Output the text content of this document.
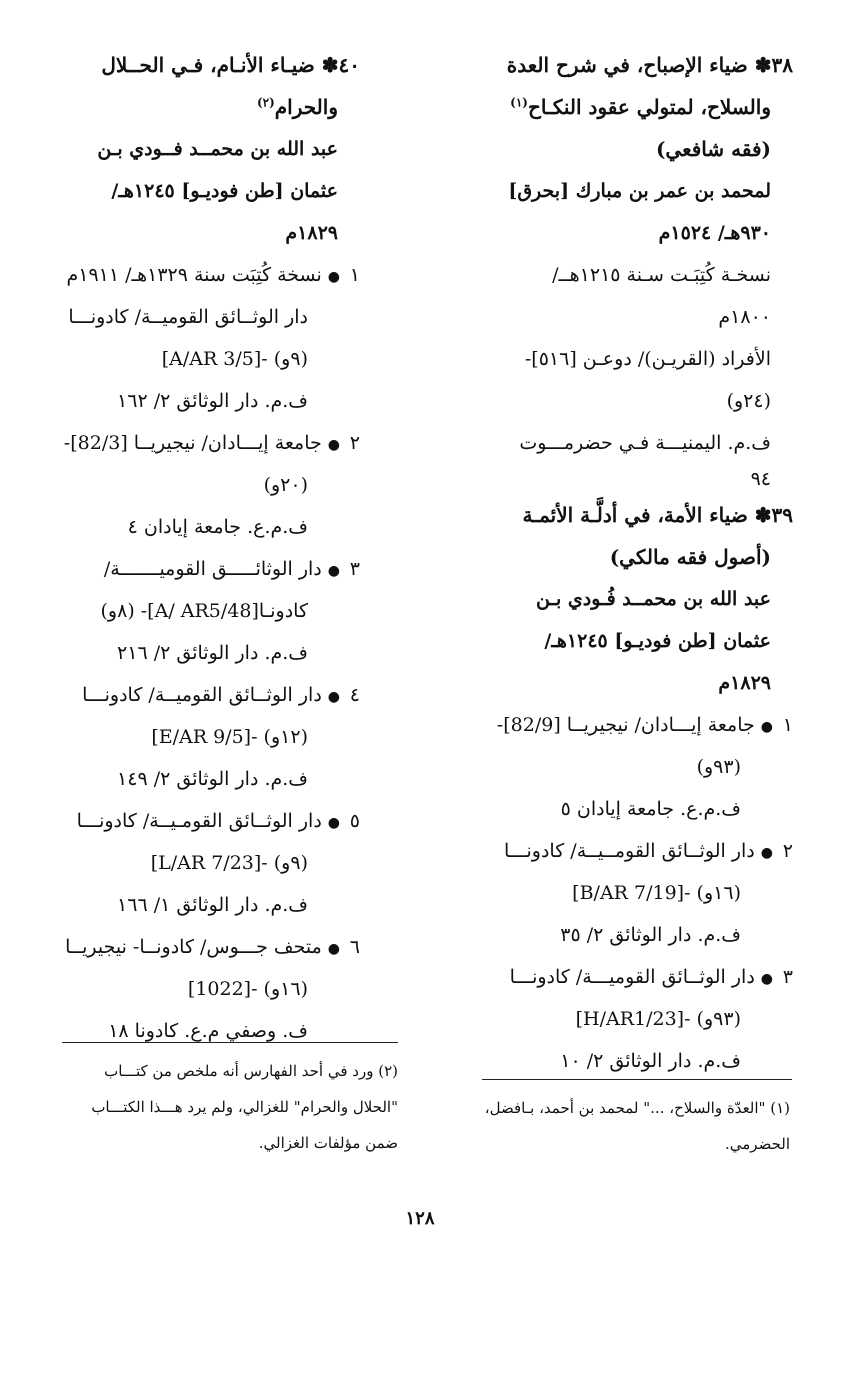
٣٨✽ ضياء الإصباح، في شرح العدة
والسلاح، لمتولي عقود النكـاح$^{(١)}$
(فقه شافعي)
لمحمد بن عمر بن مبارك [بحرق]
٩٣٠هـ/ ١٥٢٤م
نسخـة كُتِبَـت سـنة ١٢١٥هــ/
١٨٠٠م
الأفراد (القريـن)/ دوعـن [٥١٦]-
(٢٤و)
ف.م. اليمنيـــة فـي حضرمـــوت
٩٤
٣٩✽ ضياء الأمة، في أدلَّـة الأئمـة
(أصول فقه مالكي)
عبد الله بن محمــد فُـودي بـن
عثمان [طن فوديـو] ١٢٤٥هـ/
١٨٢٩م
١●جامعة إيـــادان/ نيجيريــا [82/9]-
(٩٣و)
ف.م.ع. جامعة إيادان ٥
٢●دار الوثــائق القومــيــة/ كادونـــا
[B/AR 7/19]- (١٦و)
ف.م. دار الوثائق ٢/ ٣٥
٣●دار الوثــائق القوميـــة/ كادونـــا
[H/AR1/23]- (٩٣و)
ف.م. دار الوثائق ٢/ ١٠
٤٠✽ ضيـاء الأنـام، فـي الحــلال
والحرام$^{(٢)}$
عبد الله بن محمــد فــودي بـن
عثمان [طن فوديـو] ١٢٤٥هـ/
١٨٢٩م
١●نسخة كُتِبَت سنة ١٣٢٩هـ/ ١٩١١م
دار الوثــائق القوميــة/ كادونـــا
[A/AR 3/5]- (٩و)
ف.م. دار الوثائق ٢/ ١٦٢
٢●جامعة إيـــادان/ نيجيريــا [82/3]-
(٢٠و)
ف.م.ع. جامعة إيادان ٤
٣●دار الوثائـــــق القوميـــــــة/
كادونـا[A/ AR5/48]- (٨و)
ف.م. دار الوثائق ٢/ ٢١٦
٤●دار الوثــائق القوميــة/ كادونـــا
[E/AR 9/5]- (١٢و)
ف.م. دار الوثائق ٢/ ١٤٩
٥●دار الوثــائق القومـيــة/ كادونـــا
[L/AR 7/23]- (٩و)
ف.م. دار الوثائق ١/ ١٦٦
٦●متحف جـــوس/ كادونــا- نيجيريــا
[1022]- (١٦و)
ف. وصفي م.ع. كادونا ١٨
(٢) ورد في أحد الفهارس أنه ملخص من كتـــاب
"الحلال والحرام" للغزالي، ولم يرد هـــذا الكتـــاب
ضمن مؤلفات الغزالي.
(١) "العدّة والسلاح، ..." لمحمد بن أحمد، بـافضل،
الحضرمي.
١٢٨
